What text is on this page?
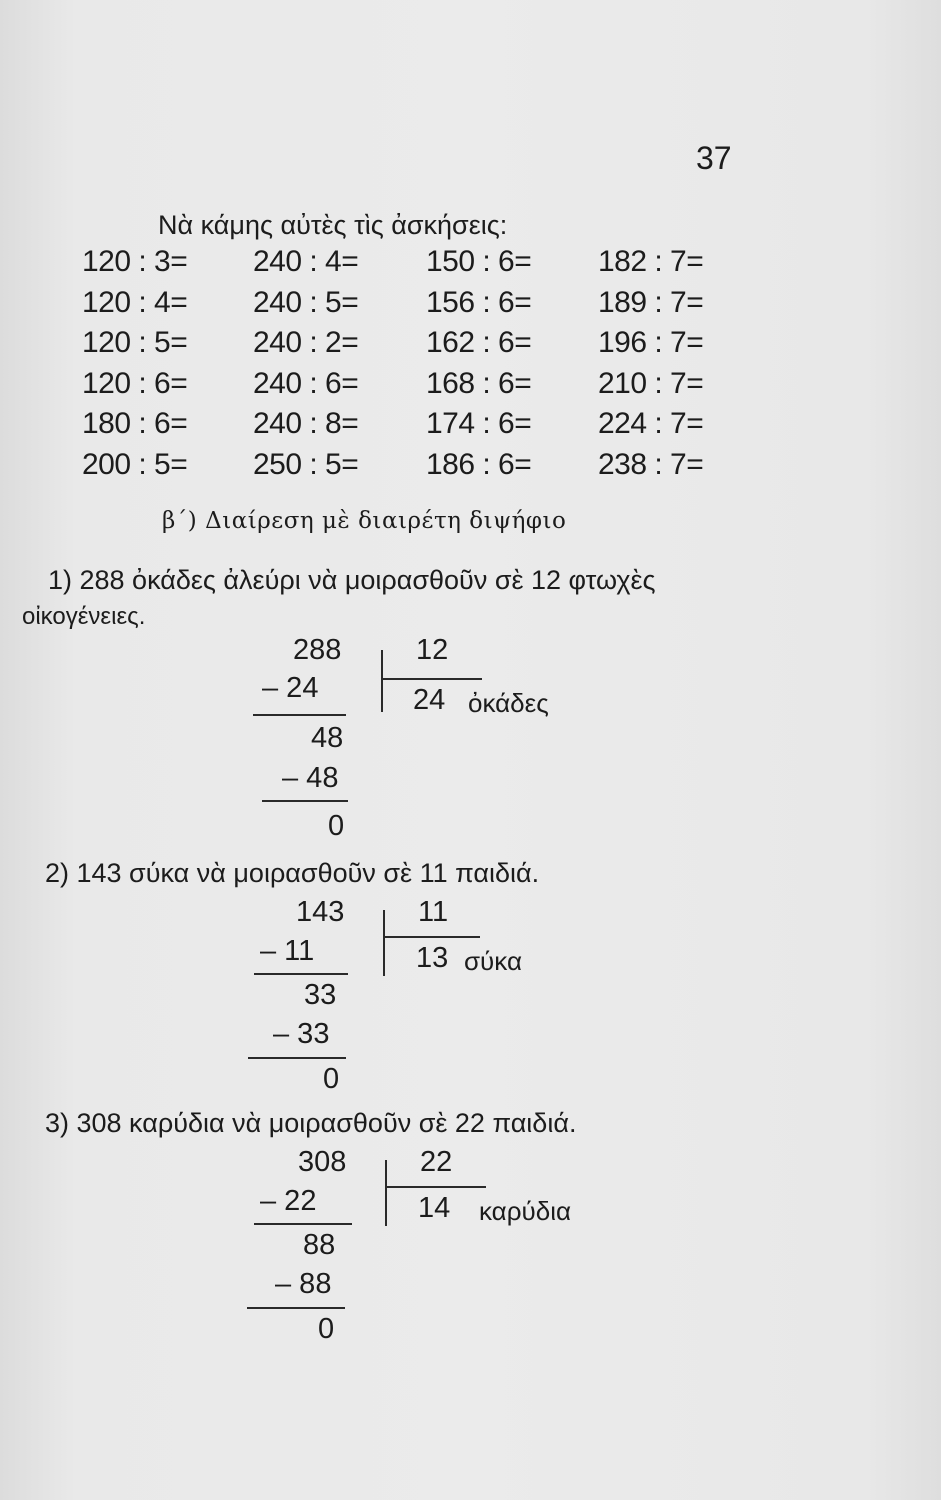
37
Νὰ κάμης αὐτὲς τὶς ἀσκήσεις:
120 : 3= 240 : 4= 150 : 6= 182 : 7=
120 : 4= 240 : 5= 156 : 6= 189 : 7=
120 : 5= 240 : 2= 162 : 6= 196 : 7=
120 : 6= 240 : 6= 168 : 6= 210 : 7=
180 : 6= 240 : 8= 174 : 6= 224 : 7=
200 : 5= 250 : 5= 186 : 6= 238 : 7=
β΄) Διαίρεση μὲ διαιρέτη διψήφιο
1) 288 ὀκάδες ἀλεύρι νὰ μοιρασθοῦν σὲ 12 φτωχὲς
οἰκογένειες.
288
– 24
48
– 48
0
12
24 ὀκάδες
2) 143 σύκα νὰ μοιρασθοῦν σὲ 11 παιδιά.
143
– 11
33
– 33
0
11
13 σύκα
3) 308 καρύδια νὰ μοιρασθοῦν σὲ 22 παιδιά.
308
– 22
88
– 88
0
22
14 καρύδια
